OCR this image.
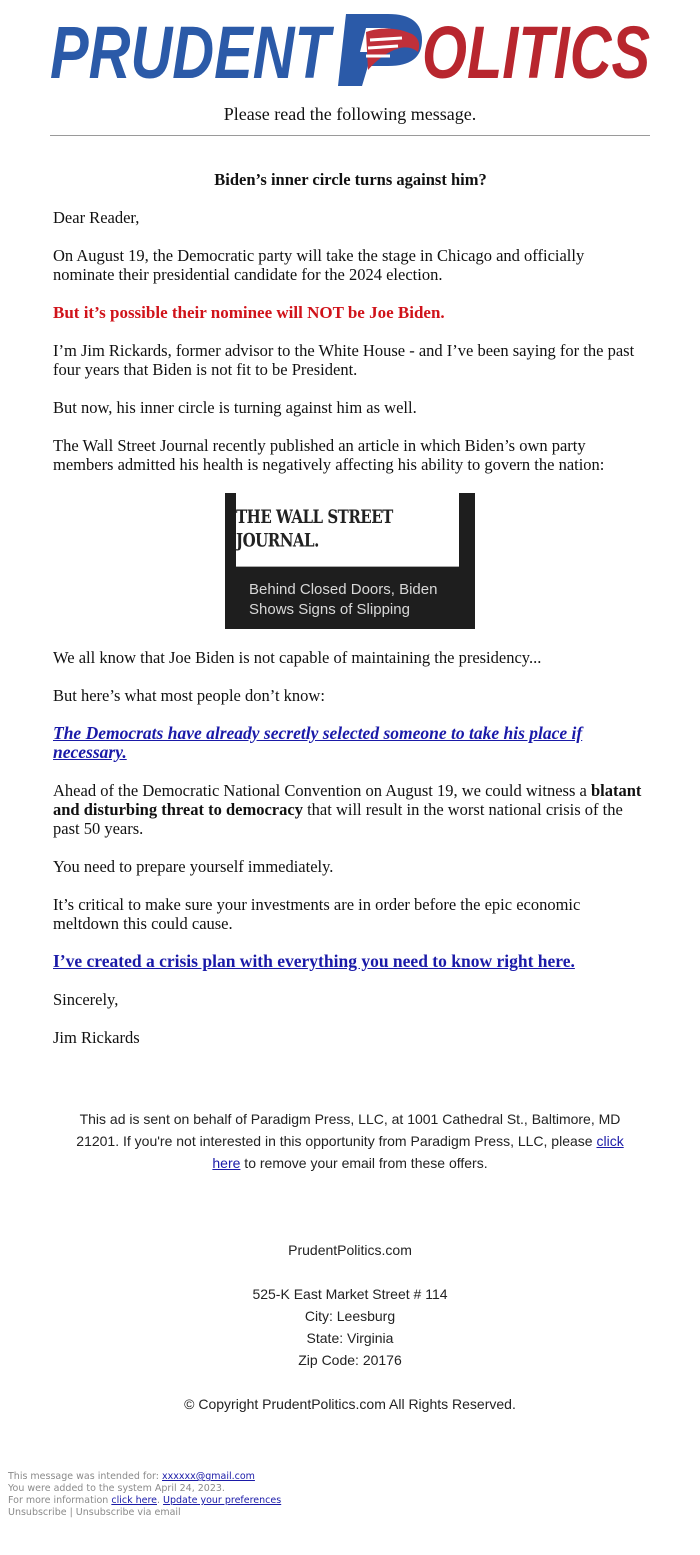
PRUDENT OLITICS
Please read the following message.

Biden’s inner circle turns against him?

Dear Reader,

On August 19, the Democratic party will take the stage in Chicago and officially nominate their presidential candidate for the 2024 election.

But it’s possible their nominee will NOT be Joe Biden.

I’m Jim Rickards, former advisor to the White House - and I’ve been saying for the past four years that Biden is not fit to be President.

But now, his inner circle is turning against him as well.

The Wall Street Journal recently published an article in which Biden’s own party members admitted his health is negatively affecting his ability to govern the nation:

THE WALL STREET JOURNAL.
Behind Closed Doors, Biden Shows Signs of Slipping

We all know that Joe Biden is not capable of maintaining the presidency...

But here’s what most people don’t know:

The Democrats have already secretly selected someone to take his place if necessary.

Ahead of the Democratic National Convention on August 19, we could witness a blatant and disturbing threat to democracy that will result in the worst national crisis of the past 50 years.

You need to prepare yourself immediately.

It’s critical to make sure your investments are in order before the epic economic meltdown this could cause.

I’ve created a crisis plan with everything you need to know right here.

Sincerely,

Jim Rickards

This ad is sent on behalf of Paradigm Press, LLC, at 1001 Cathedral St., Baltimore, MD 21201. If you're not interested in this opportunity from Paradigm Press, LLC, please click here to remove your email from these offers.
PrudentPolitics.com
525-K East Market Street # 114
City: Leesburg
State: Virginia
Zip Code: 20176
© Copyright PrudentPolitics.com All Rights Reserved.
This message was intended for: xxxxxx@gmail.com
You were added to the system April 24, 2023.
For more information click here. Update your preferences
Unsubscribe | Unsubscribe via email
